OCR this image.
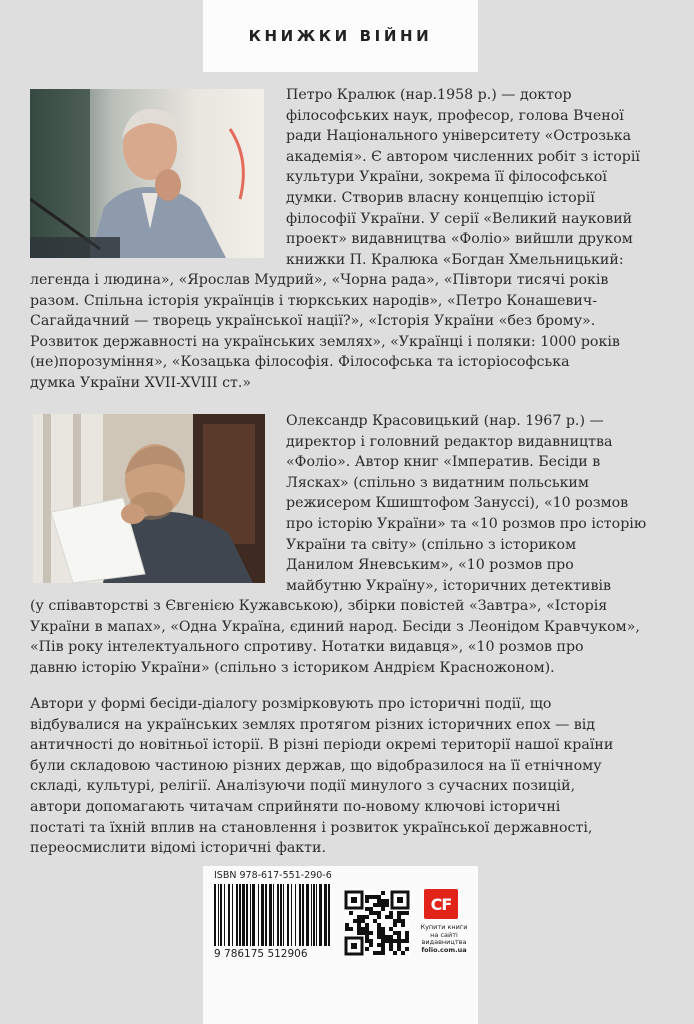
КНИЖКИ ВІЙНИ

Петро Кралюк (нар.1958 р.) — доктор
філософських наук, професор, голова Вченої
ради Національного університету «Острозька
академія». Є автором численних робіт з історії
культури України, зокрема її філософської
думки. Створив власну концепцію історії
філософії України. У серії «Великий науковий
проект» видавництва «Фоліо» вийшли друком
книжки П. Кралюка «Богдан Хмельницький:

легенда і людина», «Ярослав Мудрий», «Чорна рада», «Півтори тисячі років
разом. Спільна історія українців і тюркських народів», «Петро Конашевич-
Сагайдачний — творець української нації?», «Історія України «без брому».
Розвиток державності на українських землях», «Українці і поляки: 1000 років
(не)порозуміння», «Козацька філософія. Філософська та історіософська
думка України XVII-XVIII ст.»

Олександр Красовицький (нар. 1967 р.) —
директор і головний редактор видавництва
«Фоліо». Автор книг «Імператив. Бесіди в
Лясках» (спільно з видатним польським
режисером Кшиштофом Зануссі), «10 розмов
про історію України» та «10 розмов про історію
України та світу» (спільно з істориком
Данилом Яневським», «10 розмов про
майбутню Україну», історичних детективів

(у співавторстві з Євгенією Кужавською), збірки повістей «Завтра», «Історія
України в мапах», «Одна Україна, єдиний народ. Бесіди з Леонідом Кравчуком»,
«Пів року інтелектуального спротиву. Нотатки видавця», «10 розмов про
давню історію України» (спільно з істориком Андрієм Красножоном).

Автори у формі бесіди-діалогу розмірковують про історичні події, що
відбувалися на українських землях протягом різних історичних епох — від
античності до новітньої історії. В різні періоди окремі території нашої країни
були складовою частиною різних держав, що відобразилося на її етнічному
складі, культурі, релігії. Аналізуючи події минулого з сучасних позицій,
автори допомагають читачам сприйняти по-новому ключові історичні
постаті та їхній вплив на становлення і розвиток української державності,
переосмислити відомі історичні факти.

ISBN 978-617-551-290-6
9 786175 512906
CF
Купити книги
на сайті
видавництва
folio.com.ua
